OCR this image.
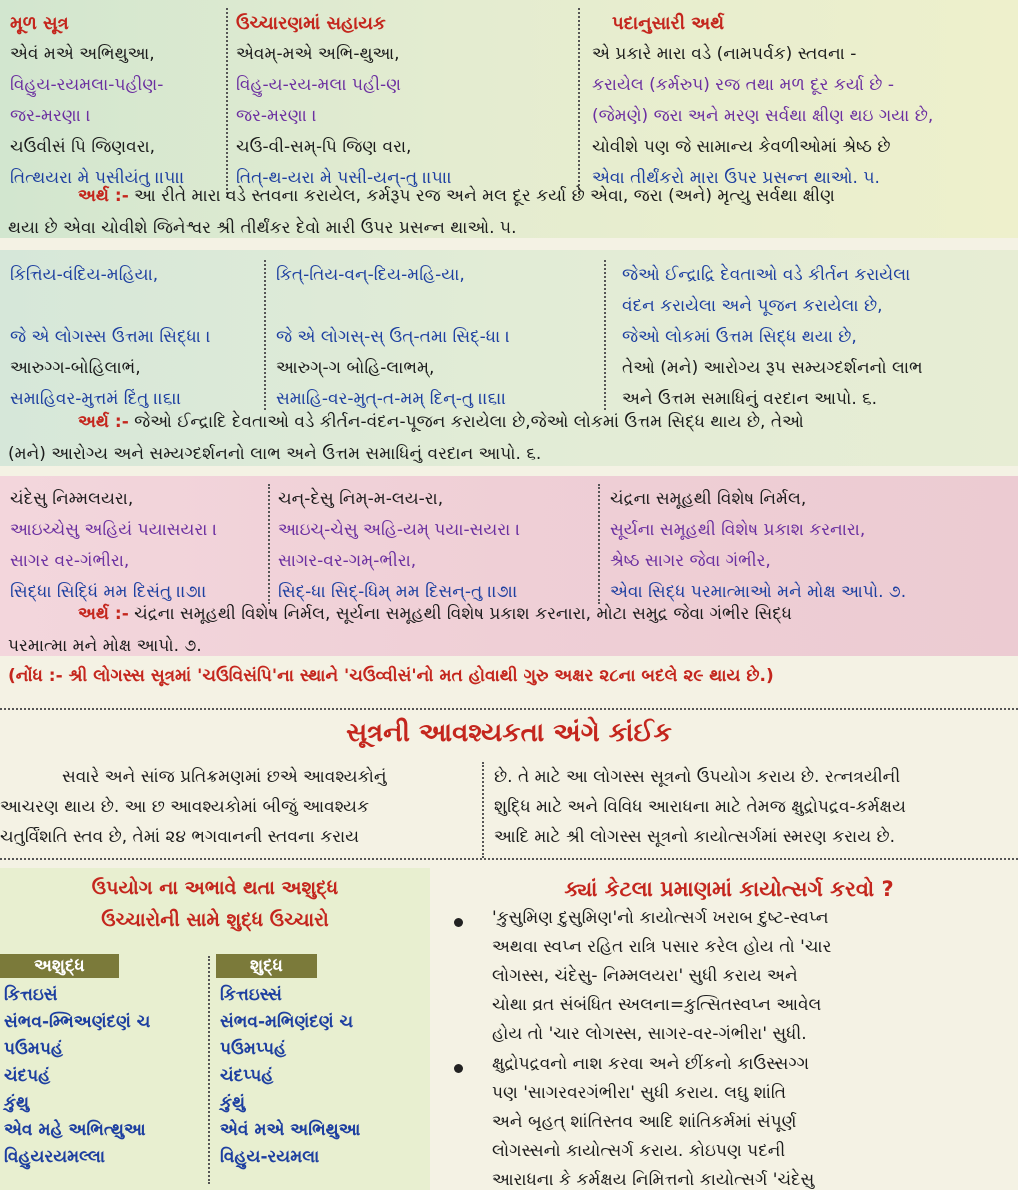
મૂળ સૂત્ર
એવં મએ અભિથુઆ,
વિહુય-રયમલા-પહીણ-
જર-મરણા ।
ચઉવીસં પિ જિણવરા,
તિત્થયરા મે પસીયંતુ ।।૫।।
ઉચ્ચારણમાં સહાયક
એવમ્-મએ અભિ-થુઆ,
વિહુ-ય-રય-મલા પહી-ણ
જર-મરણા ।
ચઉ-વી-સમ્-પિ જિણ વરા,
તિત્-થ-યરા મે પસી-યન્-તુ ।।૫।।
પદાનુસારી અર્થ
એ પ્રકારે મારા વડે (નામપર્વક) સ્તવના -
કરાયેલ (કર્મરુપ) રજ તથા મળ દૂર કર્યા છે -
(જેમણે) જરા અને મરણ સર્વથા ક્ષીણ થઇ ગયા છે,
ચોવીશે પણ જે સામાન્ય કેવળીઓમાં શ્રેષ્ઠ છે
એવા તીર્થંકરો મારા ઉપર પ્રસન્ન થાઓ. ૫.
અર્થ :- આ રીતે મારા વડે સ્તવના કરાયેલ, કર્મરૂપ રજ અને મલ દૂર કર્યા છે એવા, જરા (અને) મૃત્યુ સર્વથા ક્ષીણ
થયા છે એવા ચોવીશે જિનેશ્વર શ્રી તીર્થંકર દેવો મારી ઉપર પ્રસન્ન થાઓ. ૫.
કિત્તિય-વંદિય-મહિયા,
જે એ લોગસ્સ ઉત્તમા સિદ્ધા ।
આરુગ્ગ-બોહિલાભં,
સમાહિવર-મુત્તમં દિંતુ ।।૬।।
કિત્-તિય-વન્-દિય-મહિ-યા,
જે એ લોગસ્-સ્ ઉત્-તમા સિદ્-ધા ।
આરુગ્-ગ બોહિ-લાભમ્,
સમાહિ-વર-મુત્-ત-મમ્ દિન્-તુ ।।૬।।
જેઓ ઈન્દ્રાદ્રિ દેવતાઓ વડે કીર્તન કરાયેલા
વંદન કરાયેલા અને પૂજન કરાયેલા છે,
જેઓ લોકમાં ઉત્તમ સિદ્ધ થયા છે,
તેઓ (મને) આરોગ્ય રૂપ સમ્યગ્દર્શનનો લાભ
અને ઉત્તમ સમાધિનું વરદાન આપો. ૬.
અર્થ :- જેઓ ઈન્દ્રાદિ દેવતાઓ વડે કીર્તન-વંદન-પૂજન કરાયેલા છે,જેઓ લોકમાં ઉત્તમ સિદ્ધ થાય છે, તેઓ
(મને) આરોગ્ય અને સમ્યગ્દર્શનનો લાભ અને ઉત્તમ સમાધિનું વરદાન આપો. ૬.
ચંદેસુ નિમ્મલયરા,
આઇચ્ચેસુ અહિયં પયાસયરા ।
સાગર વર-ગંભીરા,
સિદ્ધા સિદ્ધિં મમ દિસંતુ ।।૭।।
ચન્-દેસુ નિમ્-મ-લય-રા,
આઇચ્-ચેસુ અહિ-યમ્ પયા-સયરા ।
સાગર-વર-ગમ્-ભીરા,
સિદ્-ધા સિદ્-ધિમ્ મમ દિસન્-તુ ।।૭।।
ચંદ્રના સમૂહથી વિશેષ નિર્મલ,
સૂર્યના સમૂહથી વિશેષ પ્રકાશ કરનારા,
શ્રેષ્ઠ સાગર જેવા ગંભીર,
એવા સિદ્ધ પરમાત્માઓ મને મોક્ષ આપો. ૭.
અર્થ :- ચંદ્રના સમૂહથી વિશેષ નિર્મલ, સૂર્યના સમૂહથી વિશેષ પ્રકાશ કરનારા, મોટા સમુદ્ર જેવા ગંભીર સિદ્ધ
પરમાત્મા મને મોક્ષ આપો. ૭.
(નોંધ :- શ્રી લોગસ્સ સૂત્રમાં 'ચઉવિસંપિ'ના સ્થાને 'ચઉવ્વીસં'નો મત હોવાથી ગુરુ અક્ષર ૨૮ના બદલે ૨૯ થાય છે.)
સૂત્રની આવશ્યકતા અંગે કાંઈક
સવારે અને સાંજ પ્રતિક્રમણમાં છએ આવશ્યકોનું
આચરણ થાય છે. આ છ આવશ્યકોમાં બીજું આવશ્યક
ચતુર્વિંશતિ સ્તવ છે, તેમાં ૨૪ ભગવાનની સ્તવના કરાય
છે. તે માટે આ લોગસ્સ સૂત્રનો ઉપયોગ કરાય છે. રત્નત્રયીની
શુદ્ધિ માટે અને વિવિધ આરાધના માટે તેમજ ક્ષુદ્રોપદ્રવ-કર્મક્ષય
આદિ માટે શ્રી લોગસ્સ સૂત્રનો કાયોત્સર્ગમાં સ્મરણ કરાય છે.
ઉપયોગ ના અભાવે થતા અશુદ્ધ
ઉચ્ચારોની સામે શુદ્ધ ઉચ્ચારો
અશુદ્ધ
કિત્તઇસં
સંભવ-મ્ભિઅણંદણં ચ
પઉમપહં
ચંદપહં
કુંથુ
એવ મહે અભિત્થુઆ
વિહુયરયમલ્લા
શુદ્ધ
કિત્તઇસ્સં
સંભવ-મભિણંદણં ચ
પઉમપ્પહં
ચંદપ્પહં
કુંથું
એવં મએ અભિથુઆ
વિહુય-રયમલા
ક્યાં કેટલા પ્રમાણમાં કાયોત્સર્ગ કરવો ?
'કુસુમિણ દુસુમિણ'નો કાયોત્સર્ગ ખરાબ દુષ્ટ-સ્વપ્ન
અથવા સ્વપ્ન રહિત રાત્રિ પસાર કરેલ હોય તો 'ચાર
લોગસ્સ, ચંદેસુ- નિમ્મલયરા' સુધી કરાય અને
ચોથા વ્રત સંબંધિત સ્ખલના=કુત્સિતસ્વપ્ન આવેલ
હોય તો 'ચાર લોગસ્સ, સાગર-વર-ગંભીરા' સુધી.
ક્ષુદ્રોપદ્રવનો નાશ કરવા અને છીંકનો કાઉસ્સગ્ગ
પણ 'સાગરવરગંભીરા' સુધી કરાય. લઘુ શાંતિ
અને બૃહત્ શાંતિસ્તવ આદિ શાંતિકર્મમાં સંપૂર્ણ
લોગસ્સનો કાયોત્સર્ગ કરાય. કોઇપણ પદની
આરાધના કે કર્મક્ષય નિમિત્તનો કાયોત્સર્ગ 'ચંદેસુ
